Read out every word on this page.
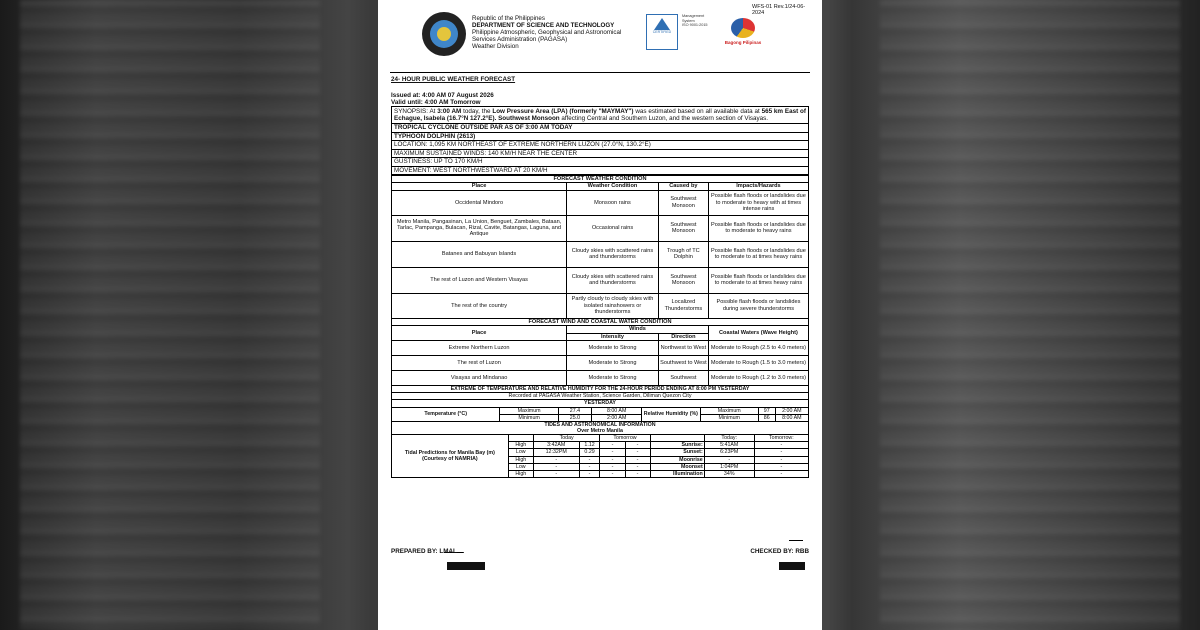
Republic of the Philippines
DEPARTMENT OF SCIENCE AND TECHNOLOGY
Philippine Atmospheric, Geophysical and Astronomical
Services Administration (PAGASA)
Weather Division
CERTIFIED
Management
System
ISO 9001:2015
Bagong Pilipinas
WFS-01 Rev.1/24-06-2024
24- HOUR PUBLIC WEATHER FORECAST
Issued at: 4:00 AM 07 August 2026
Valid until: 4:00 AM Tomorrow
SYNOPSIS: At 3:00 AM today, the Low Pressure Area (LPA) (formerly "MAYMAY") was estimated based on all available data at 565 km East of Echague, Isabela (16.7°N 127.2°E). Southwest Monsoon affecting Central and Southern Luzon, and the western section of Visayas.
TROPICAL CYCLONE OUTSIDE PAR AS OF 3:00 AM TODAY
TYPHOON DOLPHIN (2613)
LOCATION: 1,095 KM NORTHEAST OF EXTREME NORTHERN LUZON (27.0°N, 130.2°E)
MAXIMUM SUSTAINED WINDS: 140 KM/H NEAR THE CENTER
GUSTINESS: UP TO 170 KM/H
MOVEMENT: WEST NORTHWESTWARD AT 20 KM/H
FORECAST WEATHER CONDITION			
Place	Weather Condition	Caused by	Impacts/Hazards
Occidental Mindoro	Monsoon rains	Southwest Monsoon	Possible flash floods or landslides due to moderate to heavy with at times intense rains
Metro Manila, Pangasinan, La Union, Benguet, Zambales, Bataan, Tarlac, Pampanga, Bulacan, Rizal, Cavite, Batangas, Laguna, and Antique	Occasional rains	Southwest Monsoon	Possible flash floods or landslides due to moderate to heavy rains
Batanes and Babuyan Islands	Cloudy skies with scattered rains and thunderstorms	Trough of TC Dolphin	Possible flash floods or landslides due to moderate to at times heavy rains
The rest of Luzon and Western Visayas	Cloudy skies with scattered rains and thunderstorms	Southwest Monsoon	Possible flash floods or landslides due to moderate to at times heavy rains
The rest of the country	Partly cloudy to cloudy skies with isolated rainshowers or thunderstorms	Localized Thunderstorms	Possible flash floods or landslides during severe thunderstorms
FORECAST WIND AND COASTAL WATER CONDITION			
Place	Winds		Coastal Waters (Wave Height)
	Intensity	Direction	
Extreme Northern Luzon	Moderate to Strong	Northwest to West	Moderate to Rough (2.5 to 4.0 meters)
The rest of Luzon	Moderate to Strong	Southwest to West	Moderate to Rough (1.5 to 3.0 meters)
Visayas and Mindanao	Moderate to Strong	Southwest	Moderate to Rough (1.2 to 3.0 meters)
EXTREME OF TEMPERATURE AND RELATIVE HUMIDITY FOR THE 24-HOUR PERIOD ENDING AT 8:00 PM YESTERDAY							
Recorded at PAGASA Weather Station, Science Garden, Diliman Quezon City							
YESTERDAY							
Temperature (°C)	Maximum	27.4	8:00 AM	Relative Humidity (%)	Maximum	97	2:00 AM
	Minimum	25.0	2:00 AM		Minimum	86	8:00 AM
TIDES AND ASTRONOMICAL INFORMATION
Over Metro Manila								

Tidal Predictions for Manila Bay (m) (Courtesy of NAMRIA)		Today		Tomorrow			Today:	Tomorrow:
	High	3:42AM	1.12	-	-	Sunrise:	5:41AM	-
	Low	12:32PM	0.29	-	-	Sunset:	6:23PM	-
	High	-	-	-	-	Moonrise	-	-
	Low	-	-	-	-	Moonset	1:04PM	-
	High	-	-	-	-	Illumination	34%	-
PREPARED BY: LMAL	CHECKED BY: RBB
